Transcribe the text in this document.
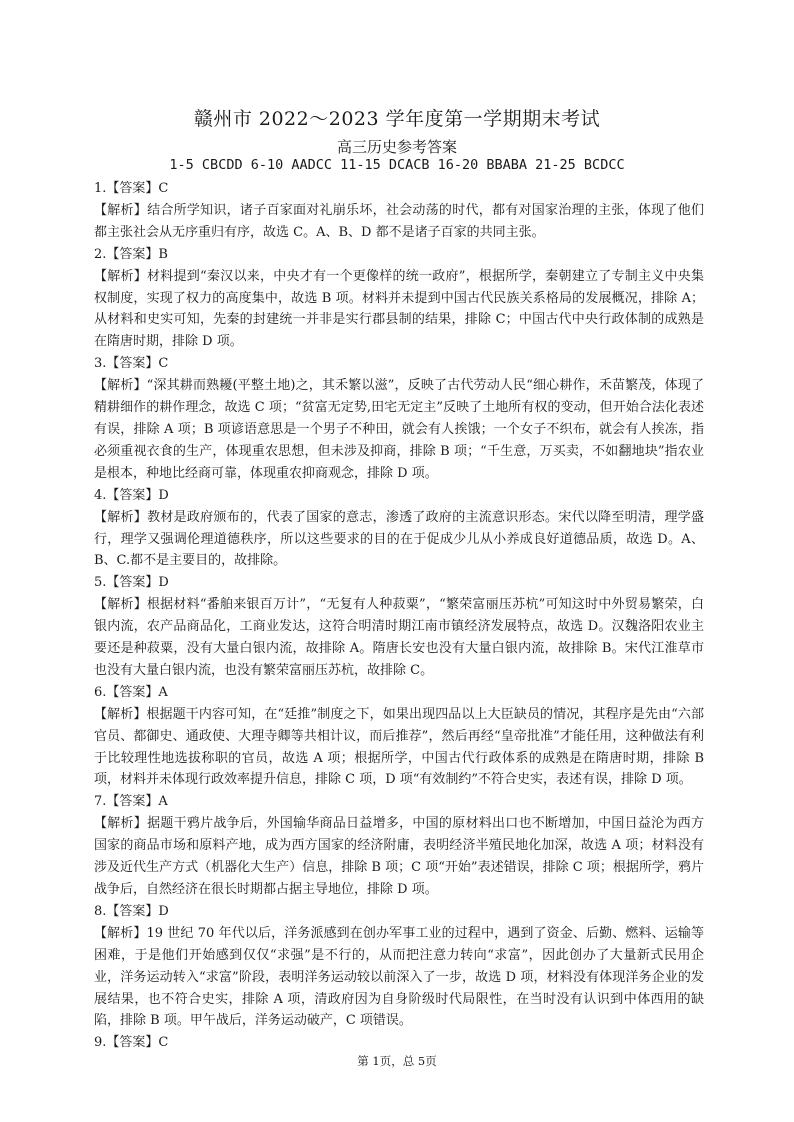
赣州市 2022～2023 学年度第一学期期末考试
高三历史参考答案
1-5 CBCDD 6-10 AADCC 11-15 DCACB 16-20 BBABA 21-25 BCDCC

1.【答案】C

【解析】结合所学知识，诸子百家面对礼崩乐坏，社会动荡的时代，都有对国家治理的主张，体现了他们都主张社会从无序重归有序，故选 C。A、B、D 都不是诸子百家的共同主张。

2.【答案】B

【解析】材料提到“秦汉以来，中央才有一个更像样的统一政府”，根据所学，秦朝建立了专制主义中央集权制度，实现了权力的高度集中，故选 B 项。材料并未提到中国古代民族关系格局的发展概况，排除 A；从材料和史实可知，先秦的封建统一并非是实行郡县制的结果，排除 C；中国古代中央行政体制的成熟是在隋唐时期，排除 D 项。

3.【答案】C

【解析】“深其耕而熟耰(平整土地)之，其禾繁以滋”，反映了古代劳动人民“细心耕作，禾苗繁茂，体现了精耕细作的耕作理念，故选 C 项；“贫富无定势,田宅无定主”反映了土地所有权的变动，但开始合法化表述有误，排除 A 项；B 项谚语意思是一个男子不种田，就会有人挨饿；一个女子不织布，就会有人挨冻，指必须重视衣食的生产，体现重农思想，但未涉及抑商，排除 B 项；“千生意，万买卖，不如翻地块”指农业是根本，种地比经商可靠，体现重农抑商观念，排除 D 项。

4.【答案】D

【解析】教材是政府颁布的，代表了国家的意志，渗透了政府的主流意识形态。宋代以降至明清，理学盛行，理学又强调伦理道德秩序，所以这些要求的目的在于促成少儿从小养成良好道德品质，故选 D。A、B、C.都不是主要目的，故排除。

5.【答案】D

【解析】根据材料“番舶来银百万计”，“无复有人种菽粟”，“繁荣富丽压苏杭”可知这时中外贸易繁荣，白银内流，农产品商品化，工商业发达，这符合明清时期江南市镇经济发展特点，故选 D。汉魏洛阳农业主要还是种菽粟，没有大量白银内流，故排除 A。隋唐长安也没有大量白银内流，故排除 B。宋代江淮草市也没有大量白银内流，也没有繁荣富丽压苏杭，故排除 C。

6.【答案】A

【解析】根据题干内容可知，在“廷推”制度之下，如果出现四品以上大臣缺员的情况，其程序是先由“六部官员、都御史、通政使、大理寺卿等共相计议，而后推荐”，然后再经“皇帝批准”才能任用，这种做法有利于比较理性地选拔称职的官员，故选 A 项；根据所学，中国古代行政体系的成熟是在隋唐时期，排除 B 项，材料并未体现行政效率提升信息，排除 C 项，D 项“有效制约”不符合史实，表述有误，排除 D 项。

7.【答案】A

【解析】据题干鸦片战争后，外国输华商品日益增多，中国的原材料出口也不断增加，中国日益沦为西方国家的商品市场和原料产地，成为西方国家的经济附庸，表明经济半殖民地化加深，故选 A 项；材料没有涉及近代生产方式（机器化大生产）信息，排除 B 项；C 项“开始”表述错误，排除 C 项；根据所学，鸦片战争后，自然经济在很长时期都占据主导地位，排除 D 项。

8.【答案】D

【解析】19 世纪 70 年代以后，洋务派感到在创办军事工业的过程中，遇到了资金、后勤、燃料、运输等困难，于是他们开始感到仅仅“求强”是不行的，从而把注意力转向“求富”，因此创办了大量新式民用企业，洋务运动转入“求富”阶段，表明洋务运动较以前深入了一步，故选 D 项，材料没有体现洋务企业的发展结果，也不符合史实，排除 A 项，清政府因为自身阶级时代局限性，在当时没有认识到中体西用的缺陷，排除 B 项。甲午战后，洋务运动破产，C 项错误。

9.【答案】C

第 1页，总 5页
